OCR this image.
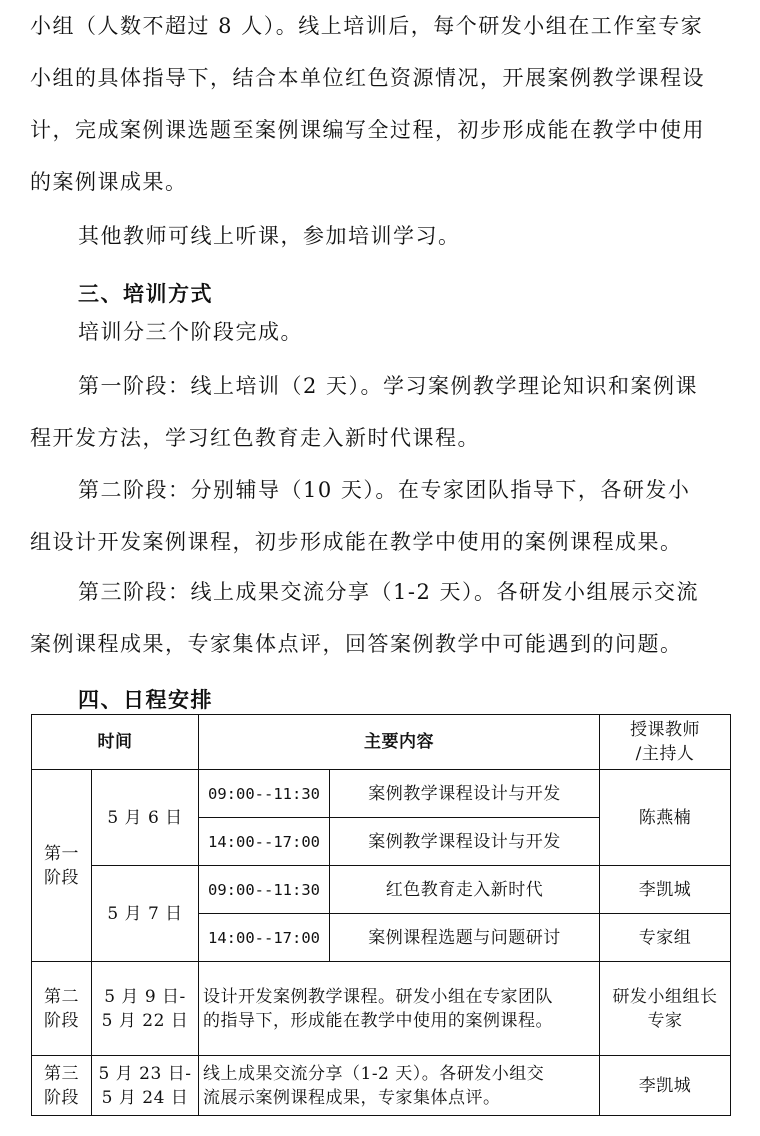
小组（人数不超过 8 人）。线上培训后，每个研发小组在工作室专家
小组的具体指导下，结合本单位红色资源情况，开展案例教学课程设
计，完成案例课选题至案例课编写全过程，初步形成能在教学中使用
的案例课成果。
其他教师可线上听课，参加培训学习。
三、培训方式
培训分三个阶段完成。
第一阶段：线上培训（2 天）。学习案例教学理论知识和案例课
程开发方法，学习红色教育走入新时代课程。
第二阶段：分别辅导（10 天）。在专家团队指导下，各研发小
组设计开发案例课程，初步形成能在教学中使用的案例课程成果。
第三阶段：线上成果交流分享（1-2 天）。各研发小组展示交流
案例课程成果，专家集体点评，回答案例教学中可能遇到的问题。
四、日程安排
时间		主要内容		授课教师
/主持人

第一
阶段	5 月 6 日	09:00--11:30	案例教学课程设计与开发	陈燕楠
		14:00--17:00	案例教学课程设计与开发	
	5 月 7 日	09:00--11:30	红色教育走入新时代	李凯城
		14:00--17:00	案例课程选题与问题研讨	专家组

第二
阶段	5 月 9 日-
5 月 22 日	设计开发案例教学课程。研发小组在专家团队
的指导下，形成能在教学中使用的案例课程。		研发小组组长
专家

第三
阶段	5 月 23 日-
5 月 24 日	线上成果交流分享（1-2 天）。各研发小组交
流展示案例课程成果，专家集体点评。		李凯城
